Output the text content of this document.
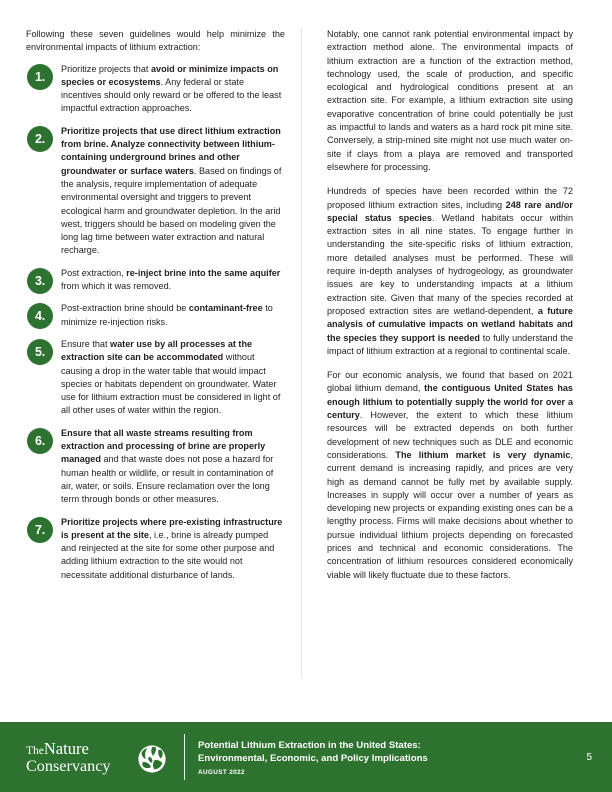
Following these seven guidelines would help minimize the environmental impacts of lithium extraction:

1.
Prioritize projects that avoid or minimize impacts on species or ecosystems. Any federal or state incentives should only reward or be offered to the least impactful extraction approaches.
2.
Prioritize projects that use direct lithium extraction from brine. Analyze connectivity between lithium-containing underground brines and other groundwater or surface waters. Based on findings of the analysis, require implementation of adequate environmental oversight and triggers to prevent ecological harm and groundwater depletion. In the arid west, triggers should be based on modeling given the long lag time between water extraction and natural recharge.
3.
Post extraction, re-inject brine into the same aquifer from which it was removed.
4.
Post-extraction brine should be contaminant-free to minimize re-injection risks.
5.
Ensure that water use by all processes at the extraction site can be accommodated without causing a drop in the water table that would impact species or habitats dependent on groundwater. Water use for lithium extraction must be considered in light of all other uses of water within the region.
6.
Ensure that all waste streams resulting from extraction and processing of brine are properly managed and that waste does not pose a hazard for human health or wildlife, or result in contamination of air, water, or soils. Ensure reclamation over the long term through bonds or other measures.
7.
Prioritize projects where pre-existing infrastructure is present at the site, i.e., brine is already pumped and reinjected at the site for some other purpose and adding lithium extraction to the site would not necessitate additional disturbance of lands.

Notably, one cannot rank potential environmental impact by extraction method alone. The environmental impacts of lithium extraction are a function of the extraction method, technology used, the scale of production, and specific ecological and hydrological conditions present at an extraction site. For example, a lithium extraction site using evaporative concentration of brine could potentially be just as impactful to lands and waters as a hard rock pit mine site. Conversely, a strip-mined site might not use much water on-site if clays from a playa are removed and transported elsewhere for processing.

Hundreds of species have been recorded within the 72 proposed lithium extraction sites, including 248 rare and/or special status species. Wetland habitats occur within extraction sites in all nine states. To engage further in understanding the site-specific risks of lithium extraction, more detailed analyses must be performed. These will require in-depth analyses of hydrogeology, as groundwater issues are key to understanding impacts at a lithium extraction site. Given that many of the species recorded at proposed extraction sites are wetland-dependent, a future analysis of cumulative impacts on wetland habitats and the species they support is needed to fully understand the impact of lithium extraction at a regional to continental scale.

For our economic analysis, we found that based on 2021 global lithium demand, the contiguous United States has enough lithium to potentially supply the world for over a century. However, the extent to which these lithium resources will be extracted depends on both further development of new techniques such as DLE and economic considerations. The lithium market is very dynamic, current demand is increasing rapidly, and prices are very high as demand cannot be fully met by available supply. Increases in supply will occur over a number of years as developing new projects or expanding existing ones can be a lengthy process. Firms will make decisions about whether to pursue individual lithium projects depending on forecasted prices and technical and economic considerations. The concentration of lithium resources considered economically viable will likely fluctuate due to these factors.

TheNature
Conservancy

Potential Lithium Extraction in the United States:
Environmental, Economic, and Policy Implications

AUGUST 2022

5
